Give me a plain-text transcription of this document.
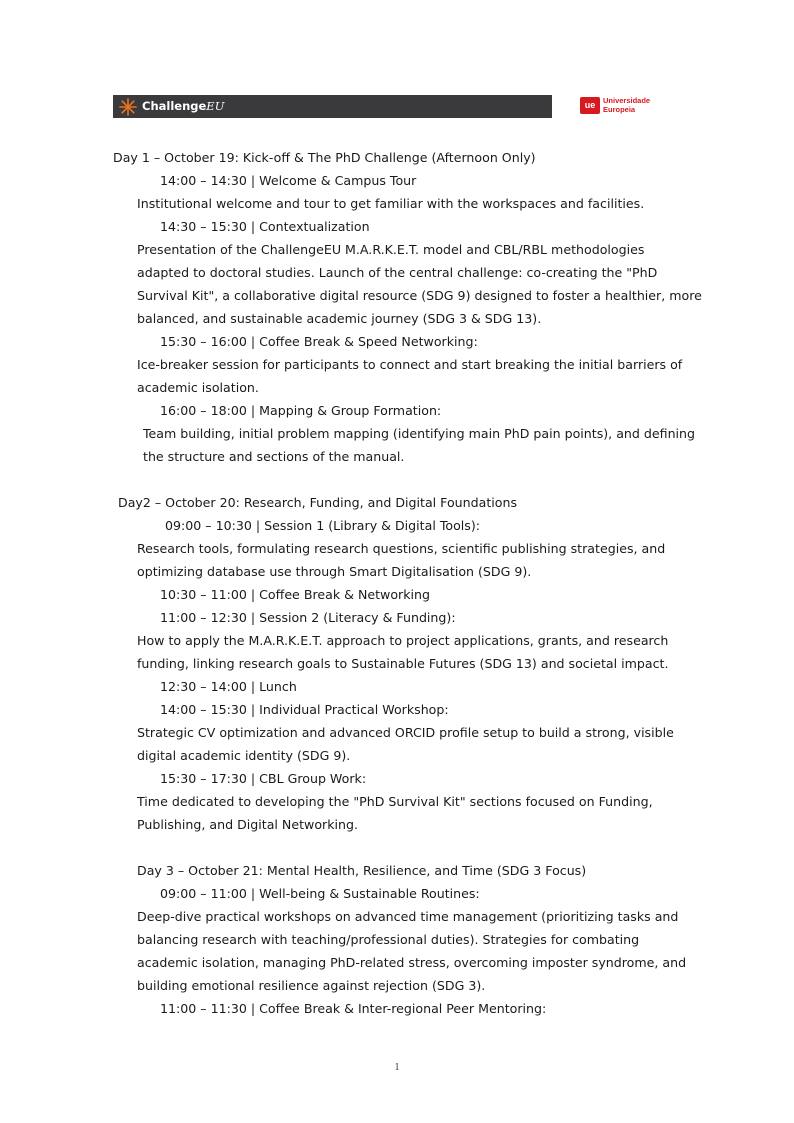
ChallengeEU	ue	Universidade
Europeia

Day 1 – October 19: Kick-off & The PhD Challenge (Afternoon Only)

14:00 – 14:30 | Welcome & Campus Tour

Institutional welcome and tour to get familiar with the workspaces and facilities.

14:30 – 15:30 | Contextualization

Presentation of the ChallengeEU M.A.R.K.E.T. model and CBL/RBL methodologies

adapted to doctoral studies. Launch of the central challenge: co-creating the "PhD

Survival Kit", a collaborative digital resource (SDG 9) designed to foster a healthier, more

balanced, and sustainable academic journey (SDG 3 & SDG 13).

15:30 – 16:00 | Coffee Break & Speed Networking:

Ice-breaker session for participants to connect and start breaking the initial barriers of

academic isolation.

16:00 – 18:00 | Mapping & Group Formation:

Team building, initial problem mapping (identifying main PhD pain points), and defining

the structure and sections of the manual.

Day2 – October 20: Research, Funding, and Digital Foundations

09:00 – 10:30 | Session 1 (Library & Digital Tools):

Research tools, formulating research questions, scientific publishing strategies, and

optimizing database use through Smart Digitalisation (SDG 9).

10:30 – 11:00 | Coffee Break & Networking

11:00 – 12:30 | Session 2 (Literacy & Funding):

How to apply the M.A.R.K.E.T. approach to project applications, grants, and research

funding, linking research goals to Sustainable Futures (SDG 13) and societal impact.

12:30 – 14:00 | Lunch

14:00 – 15:30 | Individual Practical Workshop:

Strategic CV optimization and advanced ORCID profile setup to build a strong, visible

digital academic identity (SDG 9).

15:30 – 17:30 | CBL Group Work:

Time dedicated to developing the "PhD Survival Kit" sections focused on Funding,

Publishing, and Digital Networking.

Day 3 – October 21: Mental Health, Resilience, and Time (SDG 3 Focus)

09:00 – 11:00 | Well-being & Sustainable Routines:

Deep-dive practical workshops on advanced time management (prioritizing tasks and

balancing research with teaching/professional duties). Strategies for combating

academic isolation, managing PhD-related stress, overcoming imposter syndrome, and

building emotional resilience against rejection (SDG 3).

11:00 – 11:30 | Coffee Break & Inter-regional Peer Mentoring:

1
